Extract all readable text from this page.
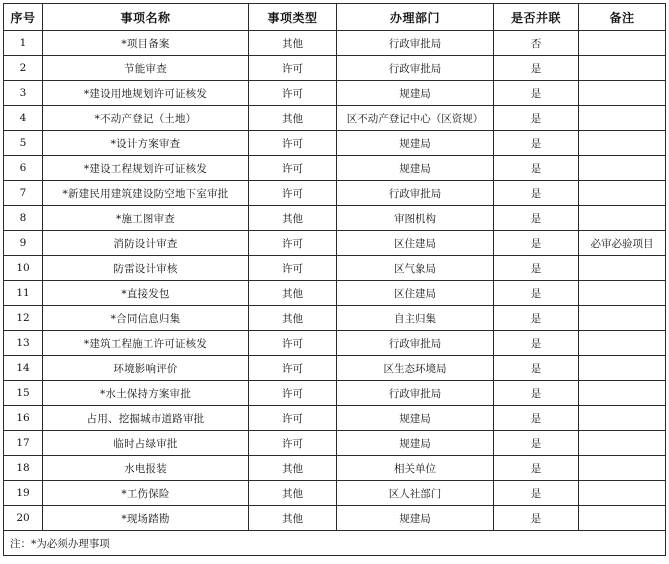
序号	事项名称	事项类型	办理部门	是否并联	备注
1	*项目备案	其他	行政审批局	否	
2	节能审查	许可	行政审批局	是	
3	*建设用地规划许可证核发	许可	规建局	是	
4	*不动产登记（土地）	其他	区不动产登记中心（区资规）	是	
5	*设计方案审查	许可	规建局	是	
6	*建设工程规划许可证核发	许可	规建局	是	
7	*新建民用建筑建设防空地下室审批	许可	行政审批局	是	
8	*施工图审查	其他	审图机构	是	
9	消防设计审查	许可	区住建局	是	必审必验项目
10	防雷设计审核	许可	区气象局	是	
11	*直接发包	其他	区住建局	是	
12	*合同信息归集	其他	自主归集	是	
13	*建筑工程施工许可证核发	许可	行政审批局	是	
14	环境影响评价	许可	区生态环境局	是	
15	*水土保持方案审批	许可	行政审批局	是	
16	占用、挖掘城市道路审批	许可	规建局	是	
17	临时占绿审批	许可	规建局	是	
18	水电报装	其他	相关单位	是	
19	*工伤保险	其他	区人社部门	是	
20	*现场踏勘	其他	规建局	是	
注：*为必须办理事项					
